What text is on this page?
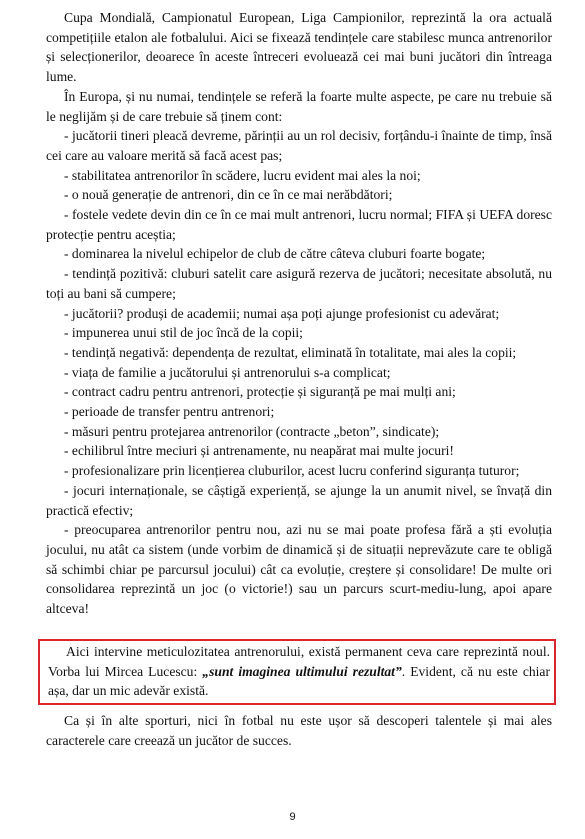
Cupa Mondială, Campionatul European, Liga Campionilor, reprezintă la ora actuală competițiile etalon ale fotbalului. Aici se fixează tendințele care stabilesc munca antrenorilor și selecționerilor, deoarece în aceste întreceri evoluează cei mai buni jucători din întreaga lume.

În Europa, și nu numai, tendințele se referă la foarte multe aspecte, pe care nu trebuie să le neglijăm și de care trebuie să ținem cont:

- jucătorii tineri pleacă devreme, părinții au un rol decisiv, forțându-i înainte de timp, însă cei care au valoare merită să facă acest pas;
- stabilitatea antrenorilor în scădere, lucru evident mai ales la noi;
- o nouă generație de antrenori, din ce în ce mai nerăbdători;
- fostele vedete devin din ce în ce mai mult antrenori, lucru normal; FIFA și UEFA doresc protecție pentru aceștia;
- dominarea la nivelul echipelor de club de către câteva cluburi foarte bogate;
- tendință pozitivă: cluburi satelit care asigură rezerva de jucători; necesitate absolută, nu toți au bani să cumpere;
- jucătorii? produși de academii; numai așa poți ajunge profesionist cu adevărat;
- impunerea unui stil de joc încă de la copii;
- tendință negativă: dependența de rezultat, eliminată în totalitate, mai ales la copii;
- viața de familie a jucătorului și antrenorului s-a complicat;
- contract cadru pentru antrenori, protecție și siguranță pe mai mulți ani;
- perioade de transfer pentru antrenori;
- măsuri pentru protejarea antrenorilor (contracte „beton”, sindicate);
- echilibrul între meciuri și antrenamente, nu neapărat mai multe jocuri!
- profesionalizare prin licențierea cluburilor, acest lucru conferind siguranța tuturor;
- jocuri internaționale, se câștigă experiență, se ajunge la un anumit nivel, se învață din practică efectiv;
- preocuparea antrenorilor pentru nou, azi nu se mai poate profesa fără a ști evoluția jocului, nu atât ca sistem (unde vorbim de dinamică și de situații neprevăzute care te obligă să schimbi chiar pe parcursul jocului) cât ca evoluție, creștere și consolidare! De multe ori consolidarea reprezintă un joc (o victorie!) sau un parcurs scurt-mediu-lung, apoi apare altceva!

Aici intervine meticulozitatea antrenorului, există permanent ceva care reprezintă noul. Vorba lui Mircea Lucescu: „sunt imaginea ultimului rezultat”. Evident, că nu este chiar așa, dar un mic adevăr există.

Ca și în alte sporturi, nici în fotbal nu este ușor să descoperi talentele și mai ales caracterele care creează un jucător de succes.

9
